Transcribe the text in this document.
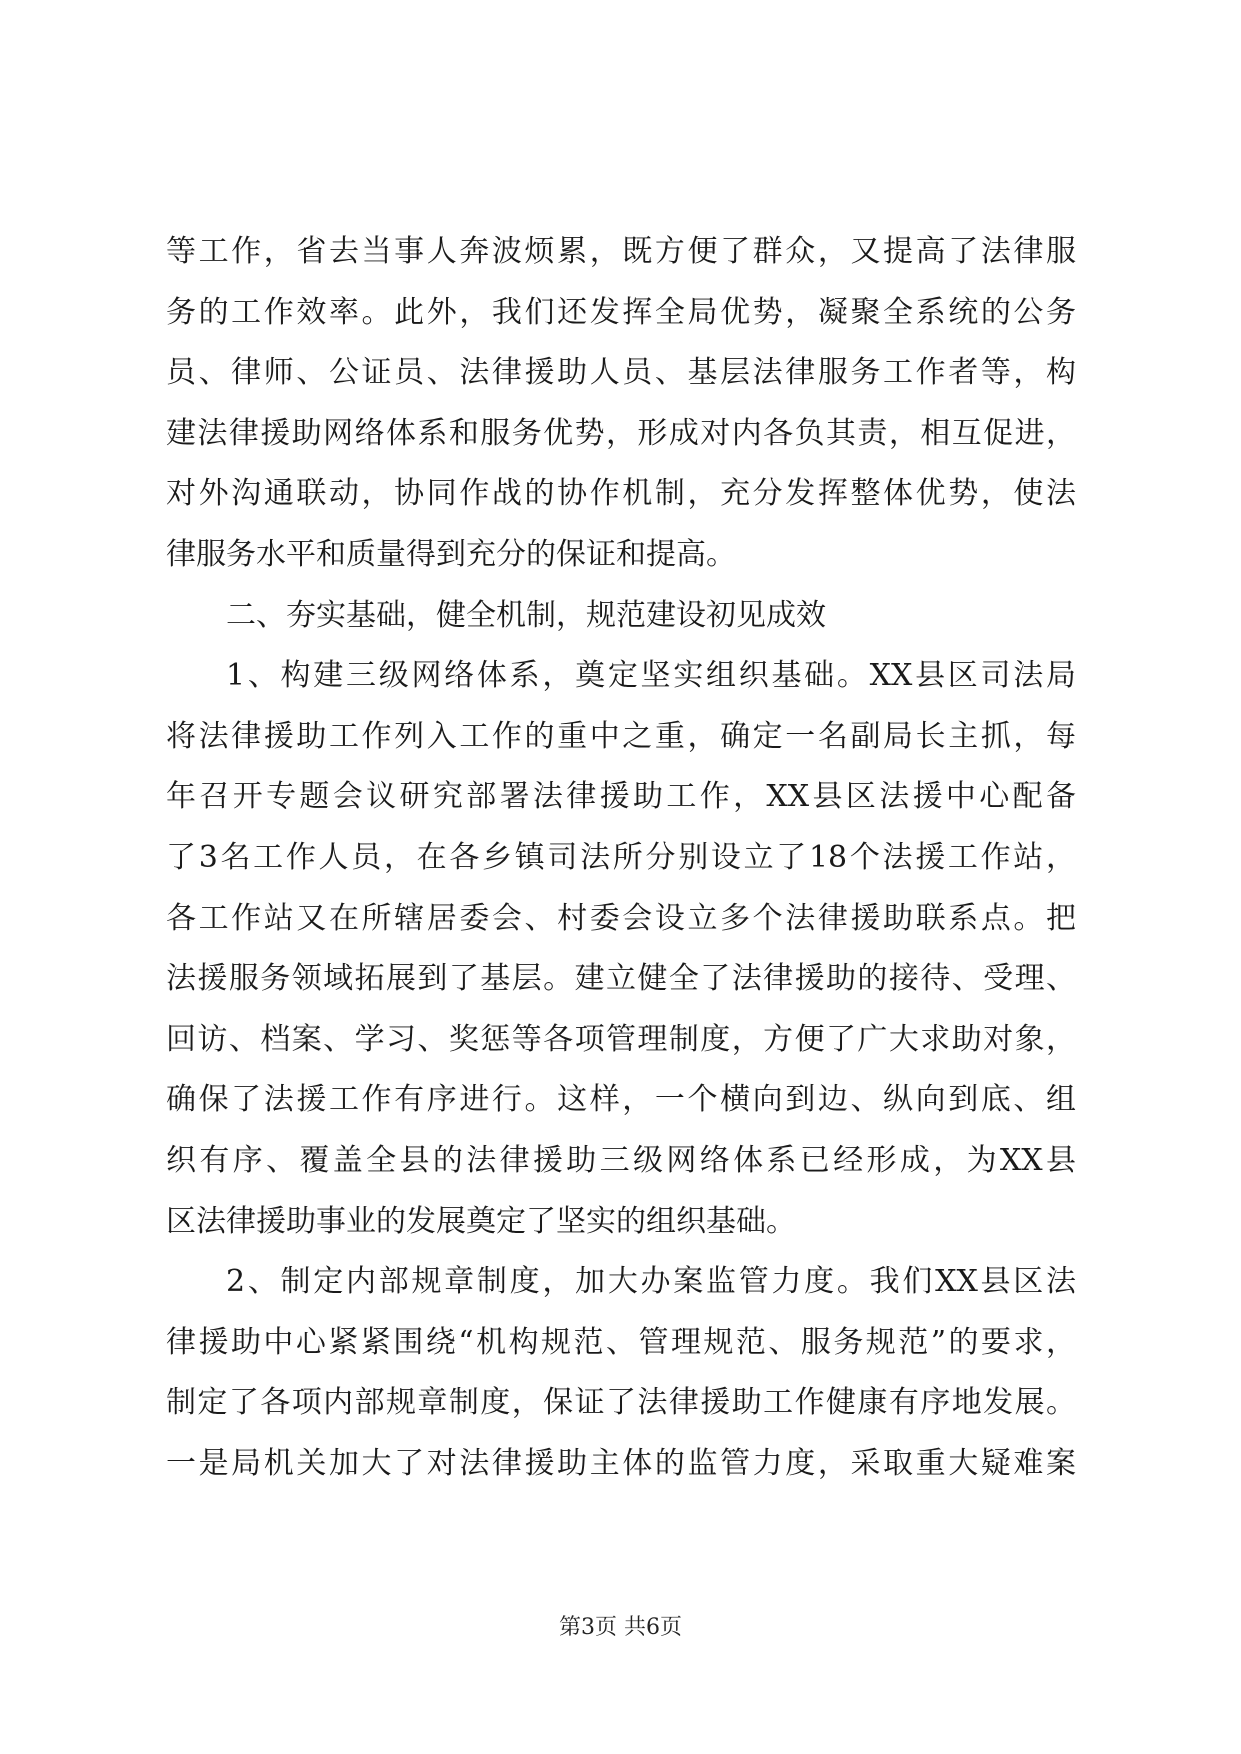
等工作，省去当事人奔波烦累，既方便了群众，又提高了法律服
务的工作效率。此外，我们还发挥全局优势，凝聚全系统的公务
员、律师、公证员、法律援助人员、基层法律服务工作者等，构
建法律援助网络体系和服务优势，形成对内各负其责，相互促进，
对外沟通联动，协同作战的协作机制，充分发挥整体优势，使法
律服务水平和质量得到充分的保证和提高。
二、夯实基础，健全机制，规范建设初见成效
1、构建三级网络体系，奠定坚实组织基础。XX县区司法局
将法律援助工作列入工作的重中之重，确定一名副局长主抓，每
年召开专题会议研究部署法律援助工作，XX县区法援中心配备
了3名工作人员，在各乡镇司法所分别设立了18个法援工作站，
各工作站又在所辖居委会、村委会设立多个法律援助联系点。把
法援服务领域拓展到了基层。建立健全了法律援助的接待、受理、
回访、档案、学习、奖惩等各项管理制度，方便了广大求助对象，
确保了法援工作有序进行。这样，一个横向到边、纵向到底、组
织有序、覆盖全县的法律援助三级网络体系已经形成，为XX县
区法律援助事业的发展奠定了坚实的组织基础。
2、制定内部规章制度，加大办案监管力度。我们XX县区法
律援助中心紧紧围绕“机构规范、管理规范、服务规范”的要求，
制定了各项内部规章制度，保证了法律援助工作健康有序地发展。
一是局机关加大了对法律援助主体的监管力度，采取重大疑难案
第3页 共6页
